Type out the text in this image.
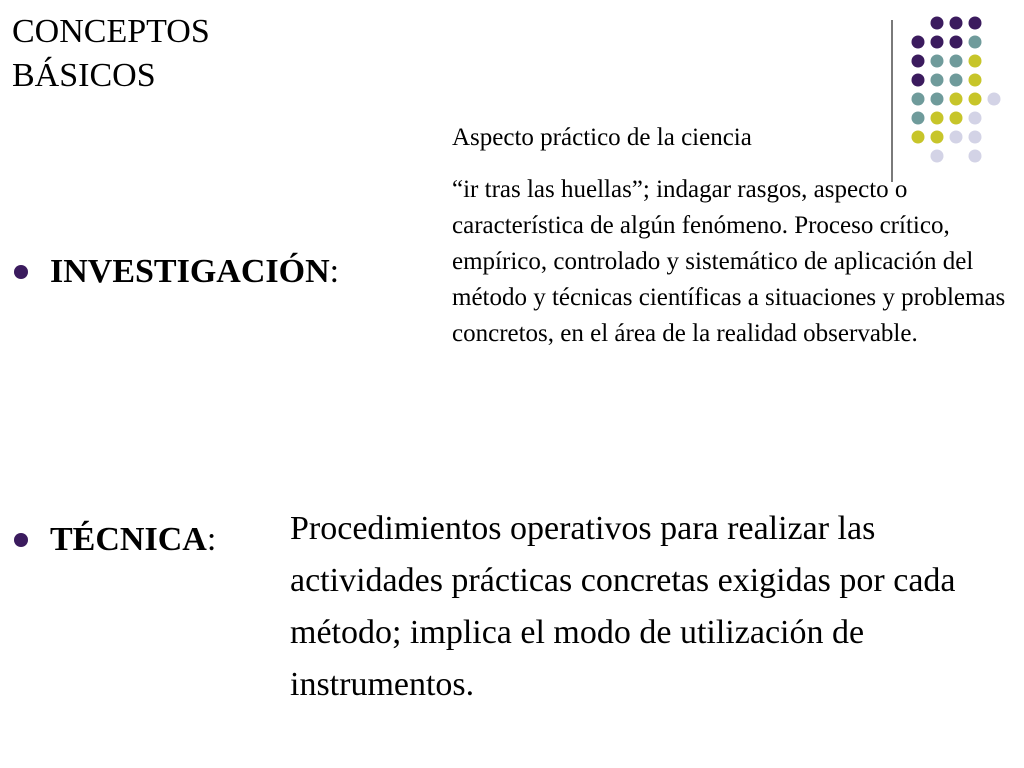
CONCEPTOS
BÁSICOS
INVESTIGACIÓN :
Aspecto práctico de la ciencia
“ir tras las huellas”; indagar rasgos, aspecto o característica de algún fenómeno. Proceso crítico, empírico, controlado y sistemático de aplicación del método y técnicas científicas a situaciones y problemas concretos, en el área de la realidad observable.
TÉCNICA : Procedimientos operativos para realizar las actividades prácticas concretas exigidas por cada método; implica el modo de utilización de instrumentos.
